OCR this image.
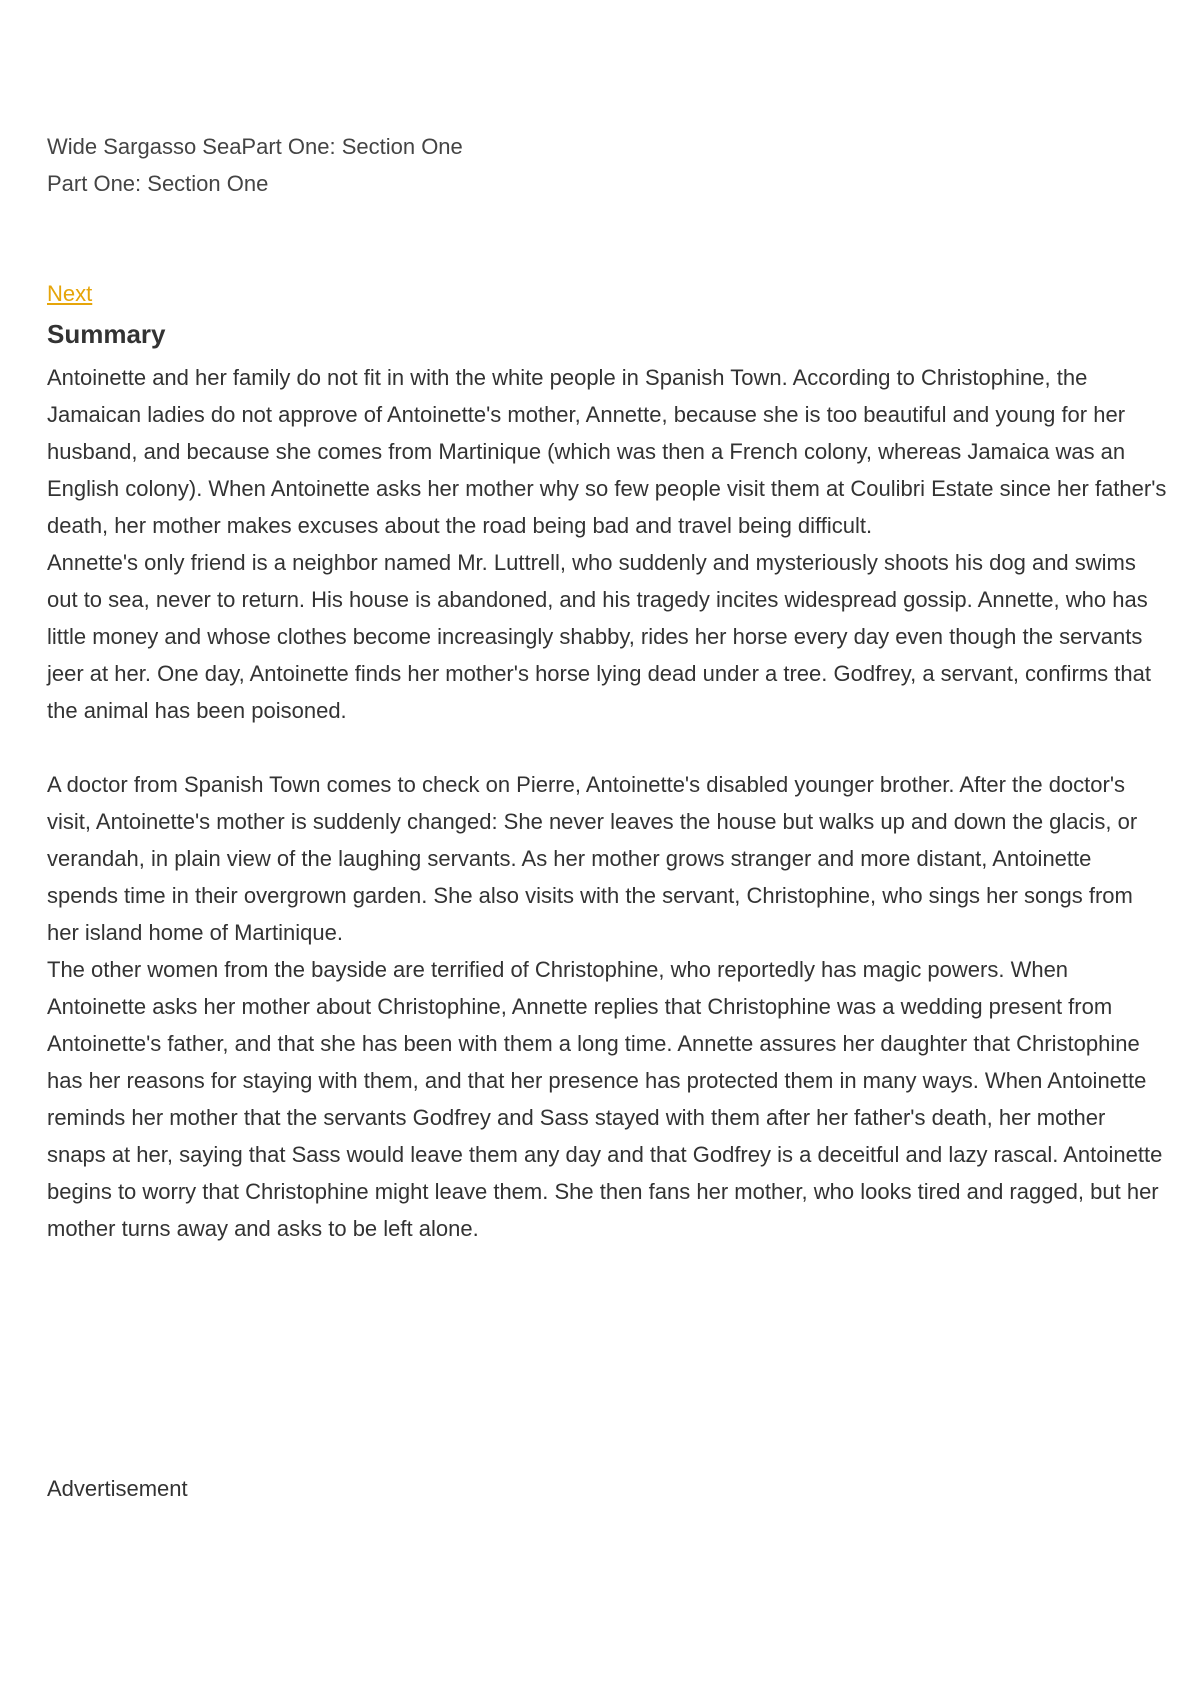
Wide Sargasso SeaPart One: Section One
Part One: Section One
Next
Summary

Antoinette and her family do not fit in with the white people in Spanish Town. According to Christophine, the Jamaican ladies do not approve of Antoinette's mother, Annette, because she is too beautiful and young for her husband, and because she comes from Martinique (which was then a French colony, whereas Jamaica was an English colony). When Antoinette asks her mother why so few people visit them at Coulibri Estate since her father's death, her mother makes excuses about the road being bad and travel being difficult.

Annette's only friend is a neighbor named Mr. Luttrell, who suddenly and mysteriously shoots his dog and swims out to sea, never to return. His house is abandoned, and his tragedy incites widespread gossip. Annette, who has little money and whose clothes become increasingly shabby, rides her horse every day even though the servants jeer at her. One day, Antoinette finds her mother's horse lying dead under a tree. Godfrey, a servant, confirms that the animal has been poisoned.

A doctor from Spanish Town comes to check on Pierre, Antoinette's disabled younger brother. After the doctor's visit, Antoinette's mother is suddenly changed: She never leaves the house but walks up and down the glacis, or verandah, in plain view of the laughing servants. As her mother grows stranger and more distant, Antoinette spends time in their overgrown garden. She also visits with the servant, Christophine, who sings her songs from her island home of Martinique.

The other women from the bayside are terrified of Christophine, who reportedly has magic powers. When Antoinette asks her mother about Christophine, Annette replies that Christophine was a wedding present from Antoinette's father, and that she has been with them a long time. Annette assures her daughter that Christophine has her reasons for staying with them, and that her presence has protected them in many ways. When Antoinette reminds her mother that the servants Godfrey and Sass stayed with them after her father's death, her mother snaps at her, saying that Sass would leave them any day and that Godfrey is a deceitful and lazy rascal. Antoinette begins to worry that Christophine might leave them. She then fans her mother, who looks tired and ragged, but her mother turns away and asks to be left alone.

Advertisement
